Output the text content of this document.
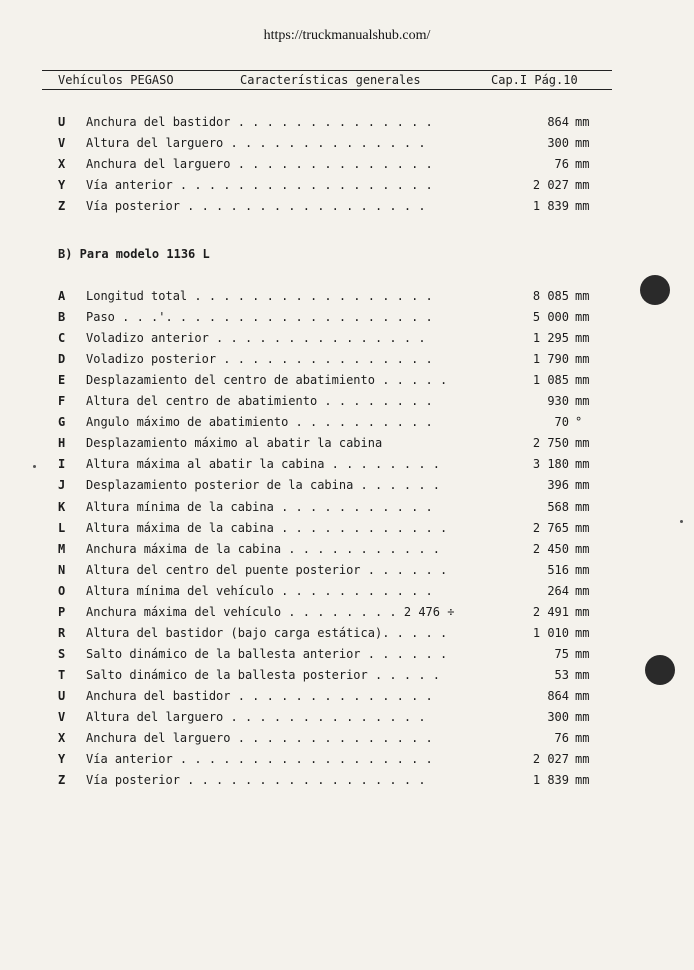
https://truckmanualshub.com/
Vehículos PEGASO	Características generales	Cap.I Pág.10
U	Anchura del bastidor . . . . . . . . . . . . . .	864 mm
V	Altura del larguero . . . . . . . . . . . . . .	300 mm
X	Anchura del larguero . . . . . . . . . . . . . .	76 mm
Y	Vía anterior . . . . . . . . . . . . . . . . . .	2 027 mm
Z	Vía posterior . . . . . . . . . . . . . . . . .	1 839 mm
B) Para modelo 1136 L
A	Longitud total . . . . . . . . . . . . . . . . .	8 085 mm
B	Paso . . .'. . . . . . . . . . . . . . . . . . .	5 000 mm
C	Voladizo anterior . . . . . . . . . . . . . . .	1 295 mm
D	Voladizo posterior . . . . . . . . . . . . . . .	1 790 mm
E	Desplazamiento del centro de abatimiento . . . . .	1 085 mm
F	Altura del centro de abatimiento . . . . . . . .	930 mm
G	Angulo máximo de abatimiento . . . . . . . . . .	70 °
H	Desplazamiento máximo al abatir la cabina	2 750 mm
I	Altura máxima al abatir la cabina . . . . . . . .	3 180 mm
J	Desplazamiento posterior de la cabina . . . . . .	396 mm
K	Altura mínima de la cabina . . . . . . . . . . .	568 mm
L	Altura máxima de la cabina . . . . . . . . . . . .	2 765 mm
M	Anchura máxima de la cabina . . . . . . . . . . .	2 450 mm
N	Altura del centro del puente posterior . . . . . .	516 mm
O	Altura mínima del vehículo . . . . . . . . . . .	264 mm
P	Anchura máxima del vehículo . . . . . . . . 2 476 ÷	2 491 mm
R	Altura del bastidor (bajo carga estática). . . . .	1 010 mm
S	Salto dinámico de la ballesta anterior . . . . . .	75 mm
T	Salto dinámico de la ballesta posterior . . . . .	53 mm
U	Anchura del bastidor . . . . . . . . . . . . . .	864 mm
V	Altura del larguero . . . . . . . . . . . . . .	300 mm
X	Anchura del larguero . . . . . . . . . . . . . .	76 mm
Y	Vía anterior . . . . . . . . . . . . . . . . . .	2 027 mm
Z	Vía posterior . . . . . . . . . . . . . . . . .	1 839 mm
